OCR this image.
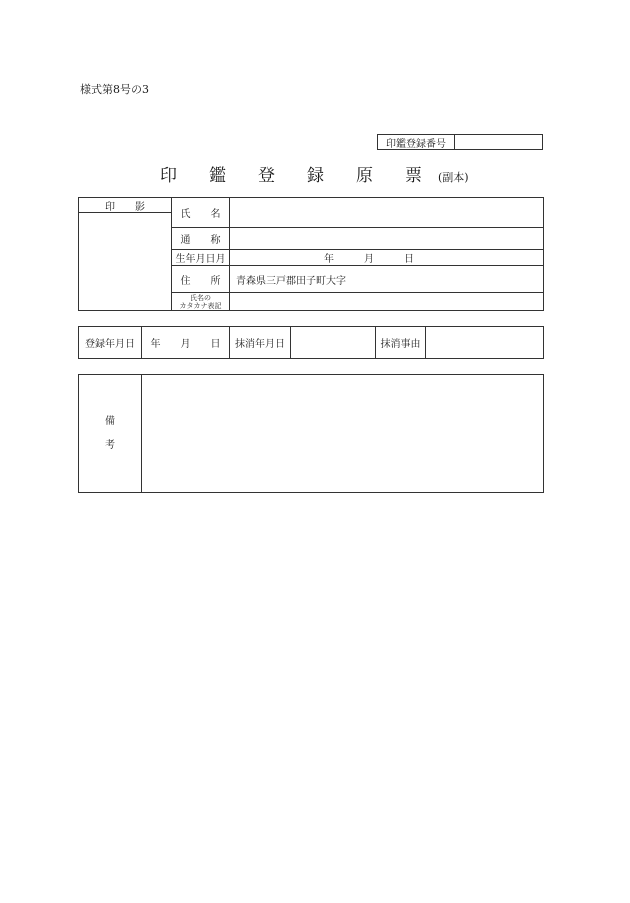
様式第8号の3
印鑑登録番号
印 鑑 登 録 原 票 (副本)
印　　影	氏　　名	
	通　　称	
	生年月日月	年　　　月　　　日
	住　　所	青森県三戸郡田子町大字

	氏名の
カタカナ表記	

登録年月日	年　　月　　日	抹消年月日		抹消事由	
備
考
